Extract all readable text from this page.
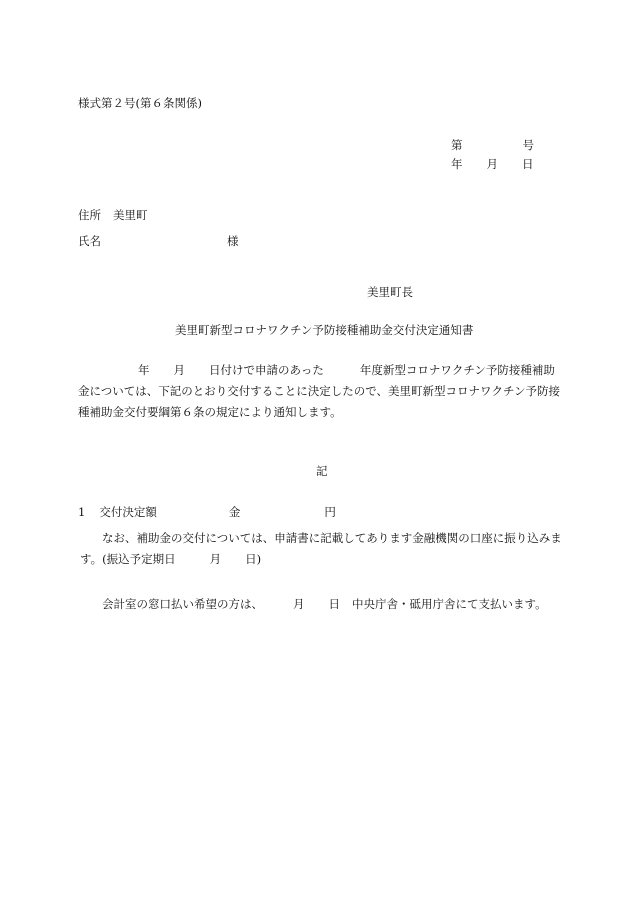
様式第２号(第６条関係)
第	号
年 月 日
住所 美里町
氏名	様
美里町長
美里町新型コロナワクチン予防接種補助金交付決定通知書
年 月 日付けで申請のあった	年度新型コロナワクチン予防接種補助
金については、下記のとおり交付することに決定したので、美里町新型コロナワクチン予防接
種補助金交付要綱第６条の規定により通知します。
記
1 交付決定額	金	円
なお、補助金の交付については、申請書に記載してあります金融機関の口座に振り込みま
す。(振込予定期日	月 日)
会計室の窓口払い希望の方は、	月 日 中央庁舎・砥用庁舎にて支払います。
